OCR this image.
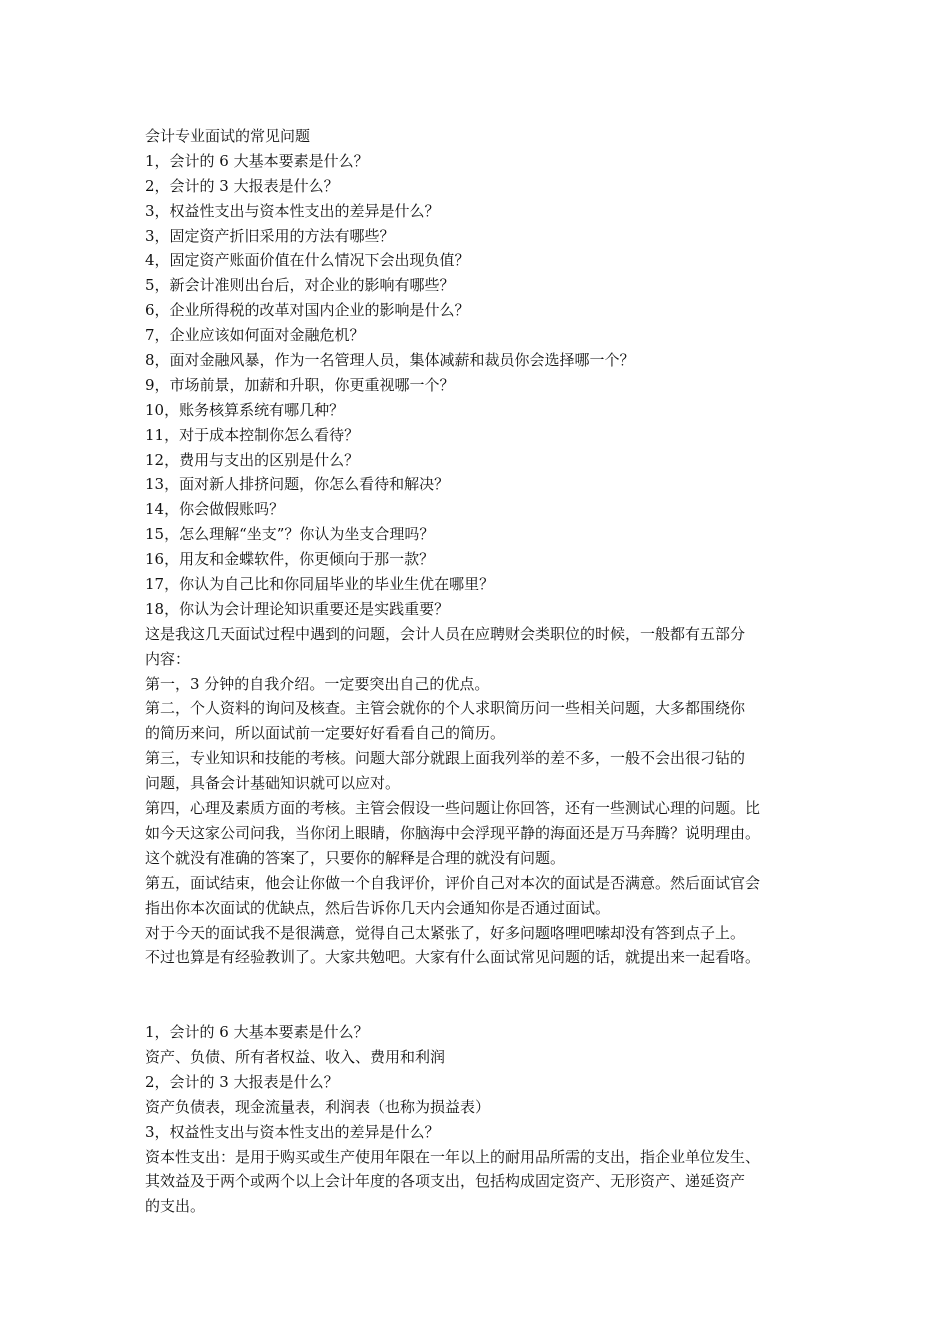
会计专业面试的常见问题
1，会计的 6 大基本要素是什么？
2，会计的 3 大报表是什么？
3，权益性支出与资本性支出的差异是什么？
3，固定资产折旧采用的方法有哪些？
4，固定资产账面价值在什么情况下会出现负值？
5，新会计准则出台后，对企业的影响有哪些？
6，企业所得税的改革对国内企业的影响是什么？
7，企业应该如何面对金融危机？
8，面对金融风暴，作为一名管理人员，集体减薪和裁员你会选择哪一个？
9，市场前景，加薪和升职，你更重视哪一个？
10，账务核算系统有哪几种？
11，对于成本控制你怎么看待？
12，费用与支出的区别是什么？
13，面对新人排挤问题，你怎么看待和解决？
14，你会做假账吗？
15，怎么理解“坐支”？你认为坐支合理吗？
16，用友和金蝶软件，你更倾向于那一款？
17，你认为自己比和你同届毕业的毕业生优在哪里？
18，你认为会计理论知识重要还是实践重要？
这是我这几天面试过程中遇到的问题，会计人员在应聘财会类职位的时候，一般都有五部分
内容：
第一，3 分钟的自我介绍。一定要突出自己的优点。
第二，个人资料的询问及核查。主管会就你的个人求职简历问一些相关问题，大多都围绕你
的简历来问，所以面试前一定要好好看看自己的简历。
第三，专业知识和技能的考核。问题大部分就跟上面我列举的差不多，一般不会出很刁钻的
问题，具备会计基础知识就可以应对。
第四，心理及素质方面的考核。主管会假设一些问题让你回答，还有一些测试心理的问题。比
如今天这家公司问我，当你闭上眼睛，你脑海中会浮现平静的海面还是万马奔腾？说明理由。
这个就没有准确的答案了，只要你的解释是合理的就没有问题。
第五，面试结束，他会让你做一个自我评价，评价自己对本次的面试是否满意。然后面试官会
指出你本次面试的优缺点，然后告诉你几天内会通知你是否通过面试。
对于今天的面试我不是很满意，觉得自己太紧张了，好多问题咯哩吧嗦却没有答到点子上。
不过也算是有经验教训了。大家共勉吧。大家有什么面试常见问题的话，就提出来一起看咯。
1，会计的 6 大基本要素是什么？
资产、负债、所有者权益、收入、费用和利润
2，会计的 3 大报表是什么？
资产负债表，现金流量表，利润表（也称为损益表）
3，权益性支出与资本性支出的差异是什么？
资本性支出：是用于购买或生产使用年限在一年以上的耐用品所需的支出，指企业单位发生、
其效益及于两个或两个以上会计年度的各项支出，包括构成固定资产、无形资产、递延资产
的支出。
